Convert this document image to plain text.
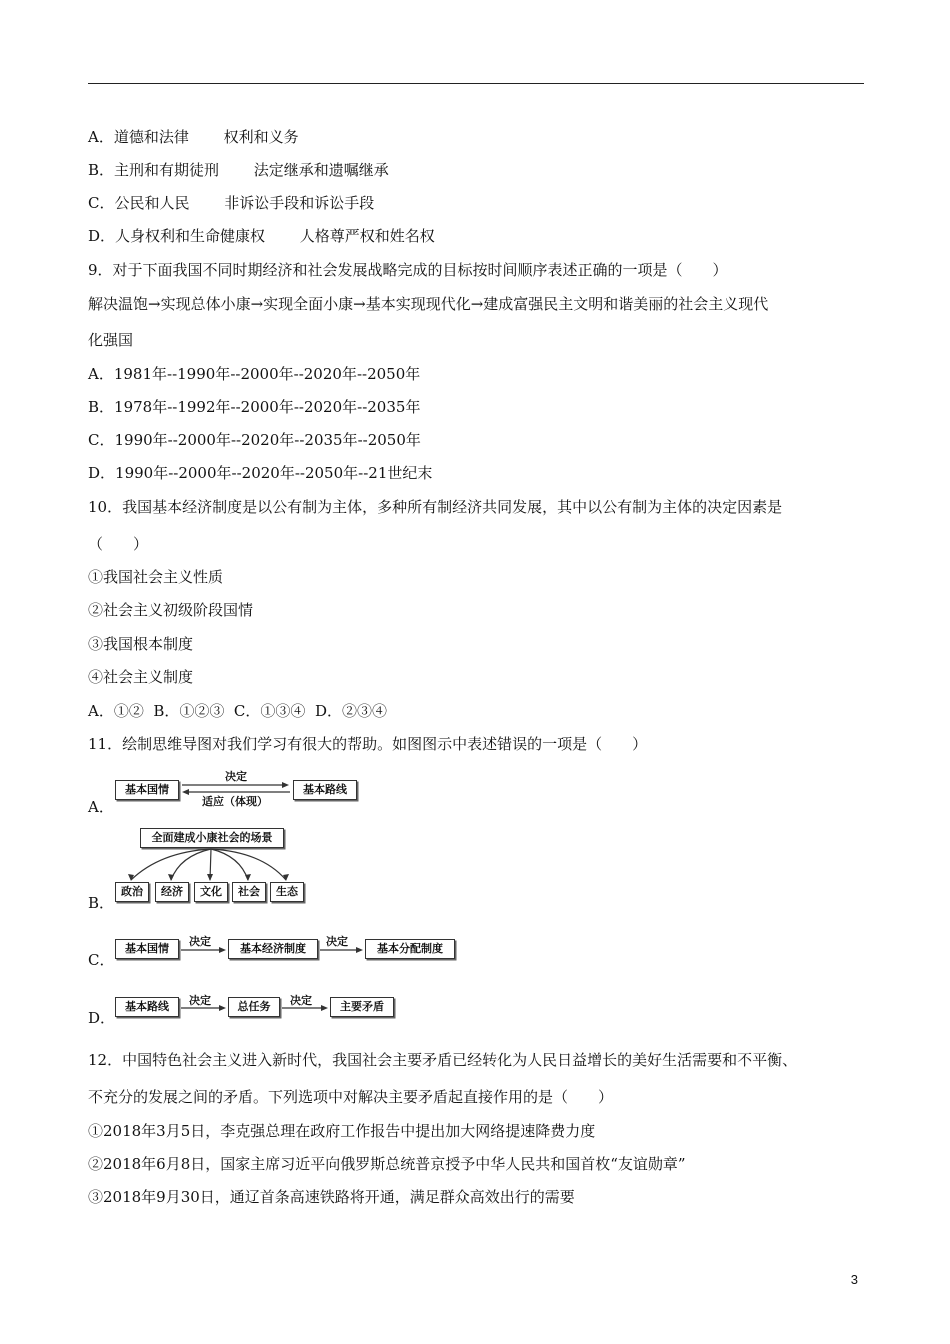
A．道德和法律　　 权利和义务
B．主刑和有期徒刑　　 法定继承和遗嘱继承
C．公民和人民　　 非诉讼手段和诉讼手段
D．人身权利和生命健康权　　 人格尊严权和姓名权
9．对于下面我国不同时期经济和社会发展战略完成的目标按时间顺序表述正确的一项是（　　）
解决温饱→实现总体小康→实现全面小康→基本实现现代化→建成富强民主文明和谐美丽的社会主义现代
化强国
A．1981年--1990年--2000年--2020年--2050年
B．1978年--1992年--2000年--2020年--2035年
C．1990年--2000年--2020年--2035年--2050年
D．1990年--2000年--2020年--2050年--21世纪末
10．我国基本经济制度是以公有制为主体，多种所有制经济共同发展，其中以公有制为主体的决定因素是
（　　）
①我国社会主义性质
②社会主义初级阶段国情
③我国根本制度
④社会主义制度
A．①②  B．①②③  C．①③④  D．②③④
11．绘制思维导图对我们学习有很大的帮助。如图图示中表述错误的一项是（　　）
A．
基本国情	基本路线
决定
适应（体现）
B．
全面建成小康社会的场景
政治	经济	文化	社会	生态
C．
基本国情	基本经济制度	基本分配制度
决定	决定
D．
基本路线	总任务	主要矛盾
决定	决定
12．中国特色社会主义进入新时代，我国社会主要矛盾已经转化为人民日益增长的美好生活需要和不平衡、
不充分的发展之间的矛盾。下列选项中对解决主要矛盾起直接作用的是（　　）
①2018年3月5日，李克强总理在政府工作报告中提出加大网络提速降费力度
②2018年6月8日，国家主席习近平向俄罗斯总统普京授予中华人民共和国首枚“友谊勋章”
③2018年9月30日，通辽首条高速铁路将开通，满足群众高效出行的需要
3
